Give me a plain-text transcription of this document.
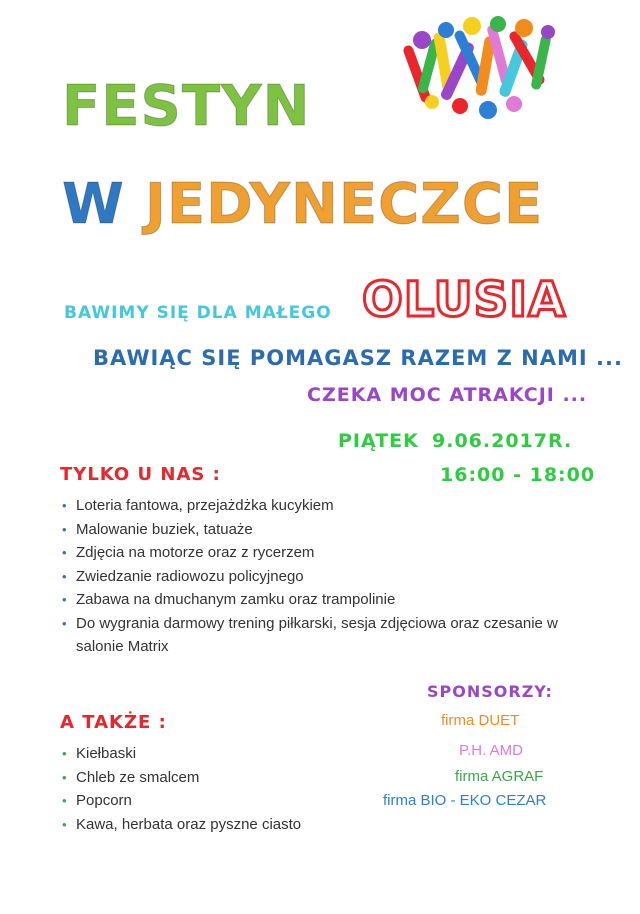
FESTYN
W JEDYNECZCE
BAWIMY SIĘ DLA MAŁEGO OLUSIA
BAWIĄC SIĘ POMAGASZ RAZEM Z NAMI ...
CZEKA MOC ATRAKCJI ...
PIĄTEK 9.06.2017R.
16:00 - 18:00
TYLKO U NAS :
• Loteria fantowa, przejażdżka kucykiem
• Malowanie buziek, tatuaże
• Zdjęcia na motorze oraz z rycerzem
• Zwiedzanie radiowozu policyjnego
• Zabawa na dmuchanym zamku oraz trampolinie
• Do wygrania darmowy trening piłkarski, sesja zdjęciowa oraz czesanie w salonie Matrix
SPONSORZY:
A TAKŻE :
• Kiełbaski
• Chleb ze smalcem
• Popcorn
• Kawa, herbata oraz pyszne ciasto
firma DUET
P.H. AMD
firma AGRAF
firma BIO - EKO CEZAR
